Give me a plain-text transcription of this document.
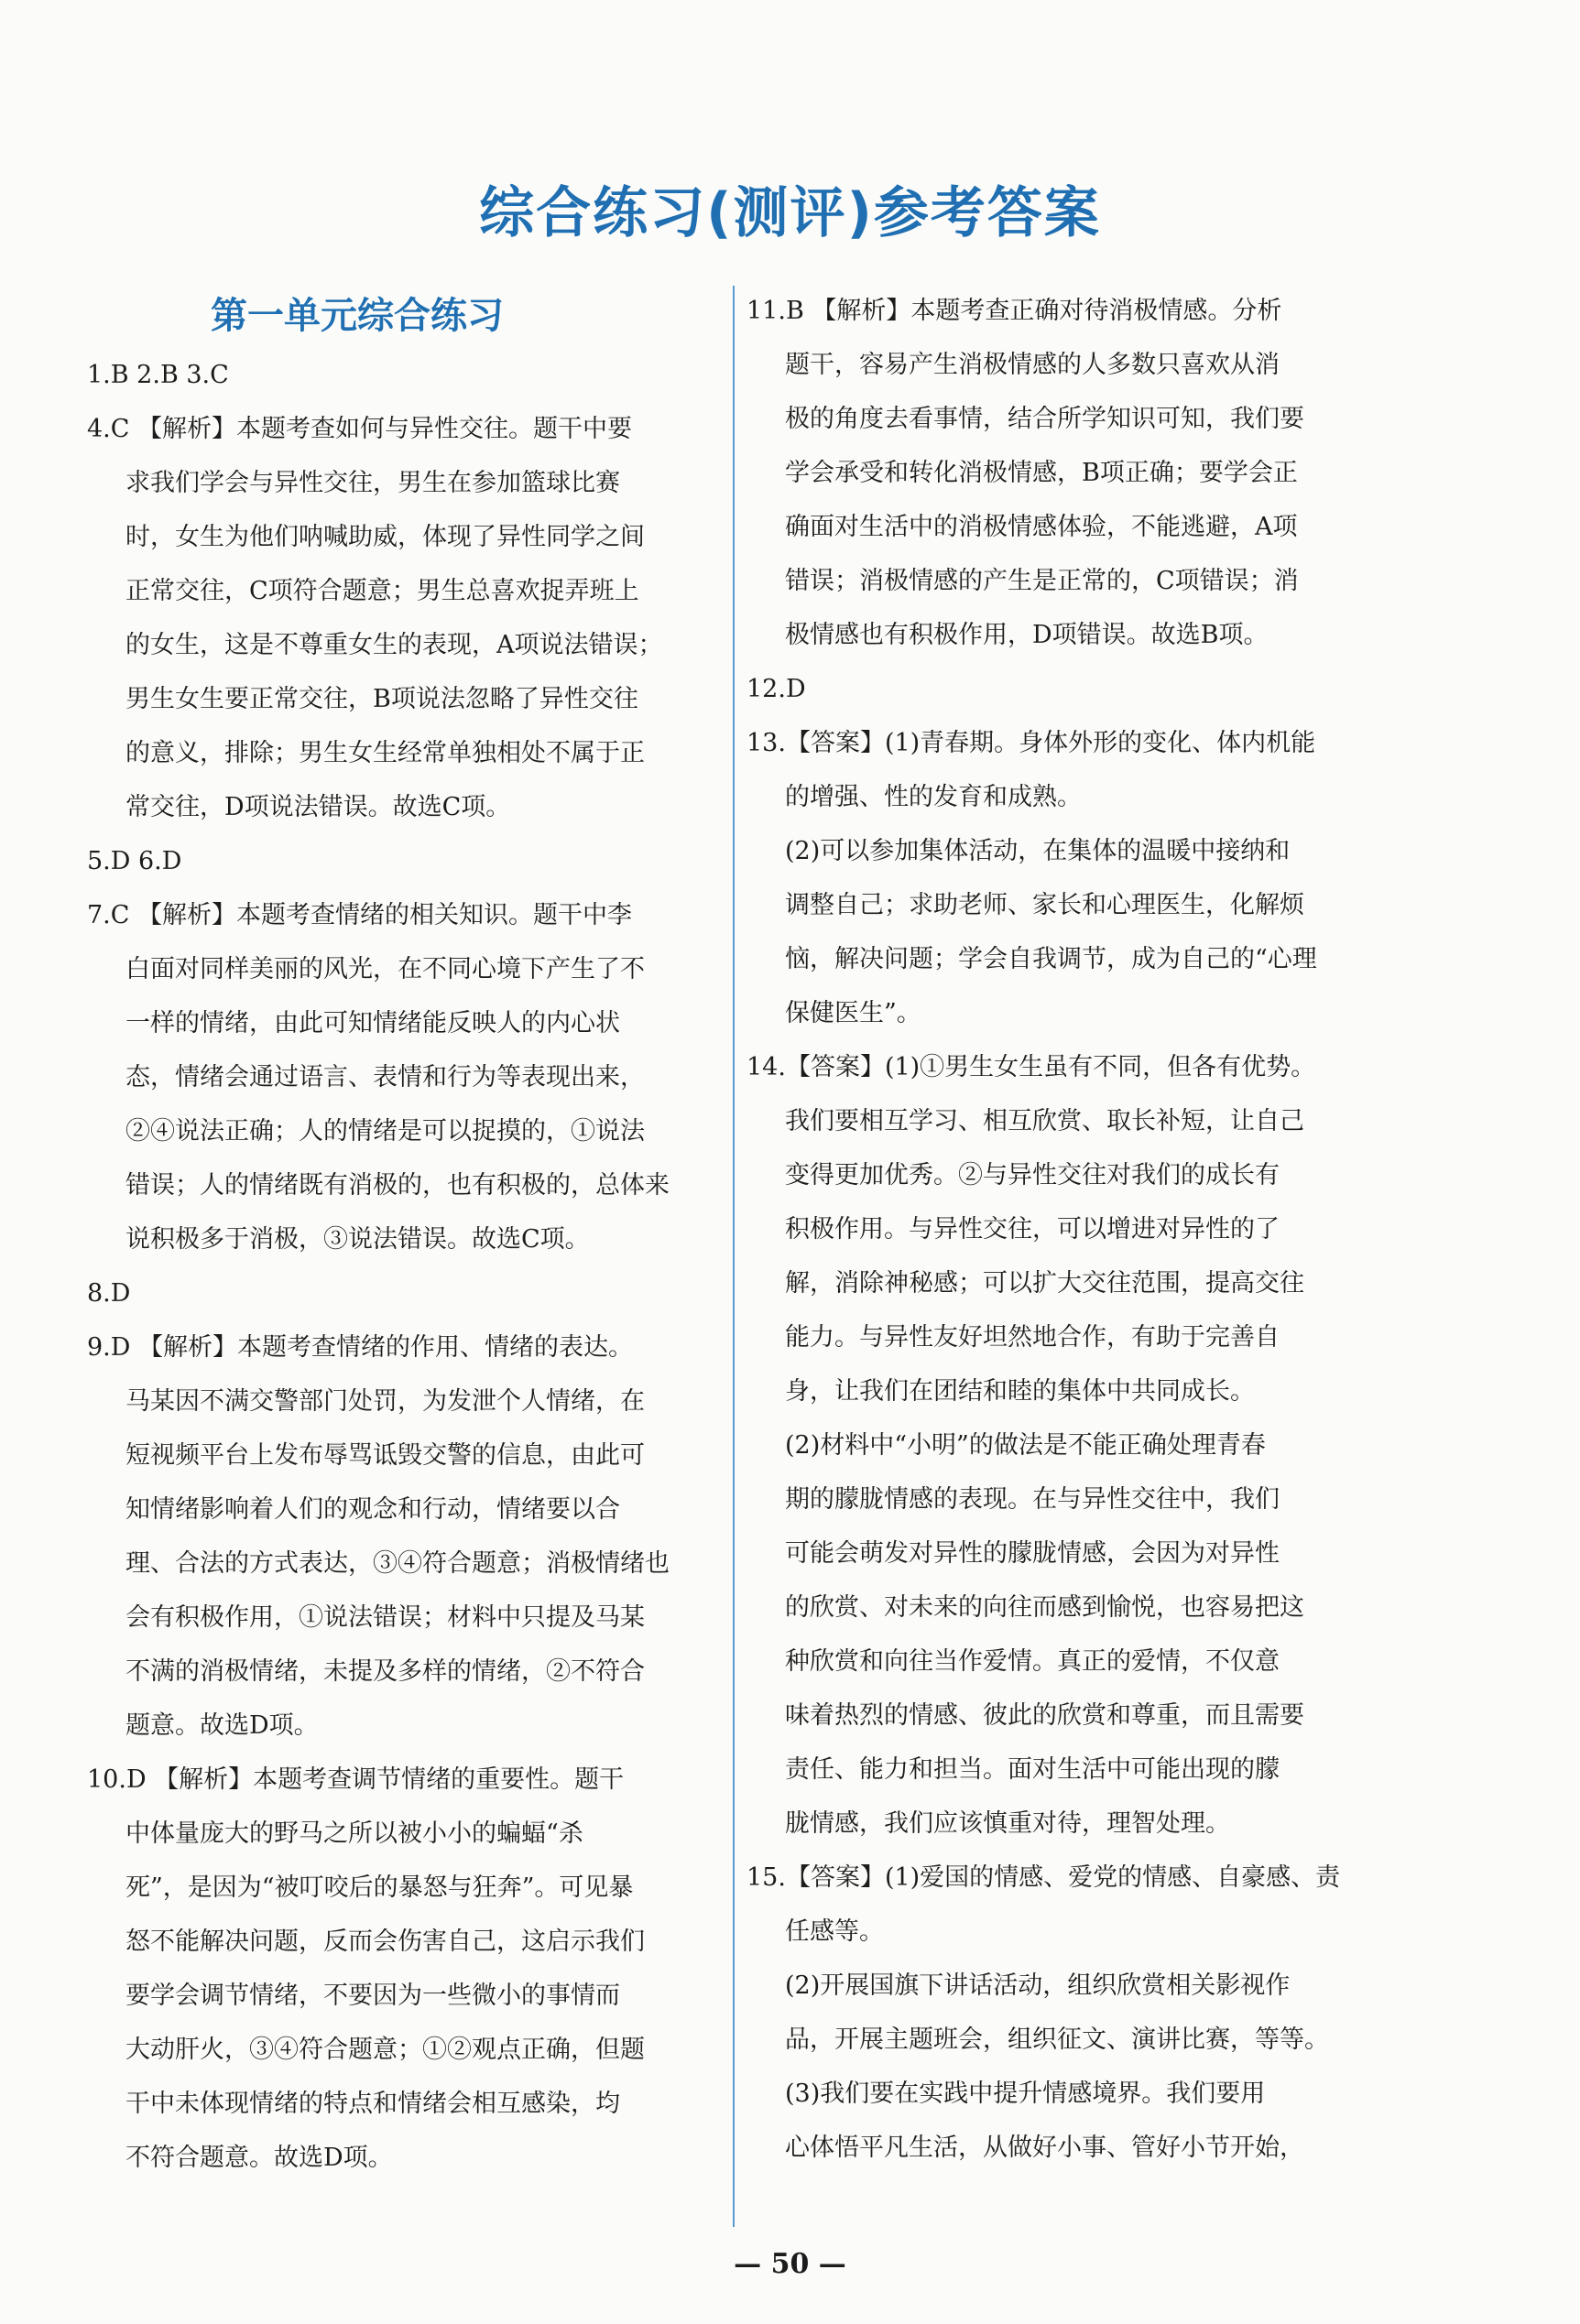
综合练习(测评)参考答案
第一单元综合练习
1.B 2.B 3.C
4.C 【解析】本题考查如何与异性交往。题干中要
求我们学会与异性交往，男生在参加篮球比赛
时，女生为他们呐喊助威，体现了异性同学之间
正常交往，C项符合题意；男生总喜欢捉弄班上
的女生，这是不尊重女生的表现，A项说法错误；
男生女生要正常交往，B项说法忽略了异性交往
的意义，排除；男生女生经常单独相处不属于正
常交往，D项说法错误。故选C项。
5.D 6.D
7.C 【解析】本题考查情绪的相关知识。题干中李
白面对同样美丽的风光，在不同心境下产生了不
一样的情绪，由此可知情绪能反映人的内心状
态，情绪会通过语言、表情和行为等表现出来，
②④说法正确；人的情绪是可以捉摸的，①说法
错误；人的情绪既有消极的，也有积极的，总体来
说积极多于消极，③说法错误。故选C项。
8.D
9.D 【解析】本题考查情绪的作用、情绪的表达。
马某因不满交警部门处罚，为发泄个人情绪，在
短视频平台上发布辱骂诋毁交警的信息，由此可
知情绪影响着人们的观念和行动，情绪要以合
理、合法的方式表达，③④符合题意；消极情绪也
会有积极作用，①说法错误；材料中只提及马某
不满的消极情绪，未提及多样的情绪，②不符合
题意。故选D项。
10.D 【解析】本题考查调节情绪的重要性。题干
中体量庞大的野马之所以被小小的蝙蝠“杀
死”，是因为“被叮咬后的暴怒与狂奔”。可见暴
怒不能解决问题，反而会伤害自己，这启示我们
要学会调节情绪，不要因为一些微小的事情而
大动肝火，③④符合题意；①②观点正确，但题
干中未体现情绪的特点和情绪会相互感染，均
不符合题意。故选D项。
11.B 【解析】本题考查正确对待消极情感。分析
题干，容易产生消极情感的人多数只喜欢从消
极的角度去看事情，结合所学知识可知，我们要
学会承受和转化消极情感，B项正确；要学会正
确面对生活中的消极情感体验，不能逃避，A项
错误；消极情感的产生是正常的，C项错误；消
极情感也有积极作用，D项错误。故选B项。
12.D
13.【答案】(1)青春期。身体外形的变化、体内机能
的增强、性的发育和成熟。
(2)可以参加集体活动，在集体的温暖中接纳和
调整自己；求助老师、家长和心理医生，化解烦
恼，解决问题；学会自我调节，成为自己的“心理
保健医生”。
14.【答案】(1)①男生女生虽有不同，但各有优势。
我们要相互学习、相互欣赏、取长补短，让自己
变得更加优秀。②与异性交往对我们的成长有
积极作用。与异性交往，可以增进对异性的了
解，消除神秘感；可以扩大交往范围，提高交往
能力。与异性友好坦然地合作，有助于完善自
身，让我们在团结和睦的集体中共同成长。
(2)材料中“小明”的做法是不能正确处理青春
期的朦胧情感的表现。在与异性交往中，我们
可能会萌发对异性的朦胧情感，会因为对异性
的欣赏、对未来的向往而感到愉悦，也容易把这
种欣赏和向往当作爱情。真正的爱情，不仅意
味着热烈的情感、彼此的欣赏和尊重，而且需要
责任、能力和担当。面对生活中可能出现的朦
胧情感，我们应该慎重对待，理智处理。
15.【答案】(1)爱国的情感、爱党的情感、自豪感、责
任感等。
(2)开展国旗下讲话活动，组织欣赏相关影视作
品，开展主题班会，组织征文、演讲比赛，等等。
(3)我们要在实践中提升情感境界。我们要用
心体悟平凡生活，从做好小事、管好小节开始，
— 50 —
